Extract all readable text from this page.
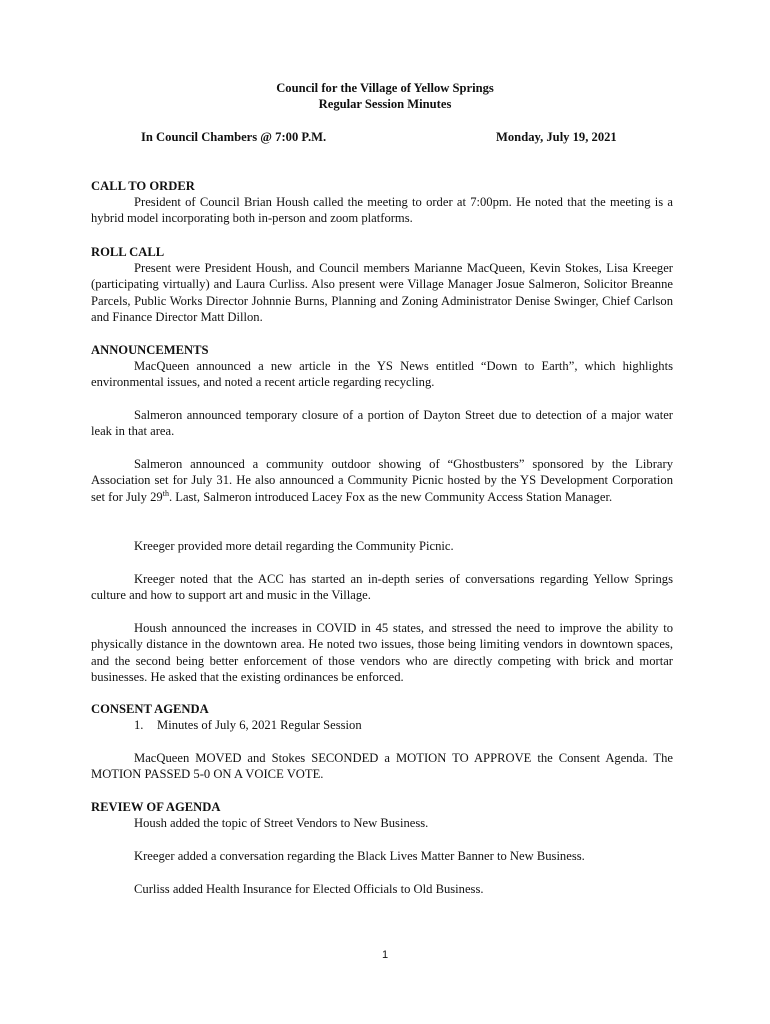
Council for the Village of Yellow Springs
Regular Session Minutes
In Council Chambers @ 7:00 P.M.	Monday, July 19, 2021
CALL TO ORDER
President of Council Brian Housh called the meeting to order at 7:00pm. He noted that the meeting is a hybrid model incorporating both in-person and zoom platforms.
ROLL CALL
Present were President Housh, and Council members Marianne MacQueen, Kevin Stokes, Lisa Kreeger (participating virtually) and Laura Curliss. Also present were Village Manager Josue Salmeron, Solicitor Breanne Parcels, Public Works Director Johnnie Burns, Planning and Zoning Administrator Denise Swinger, Chief Carlson and Finance Director Matt Dillon.
ANNOUNCEMENTS
MacQueen announced a new article in the YS News entitled “Down to Earth”, which highlights environmental issues, and noted a recent article regarding recycling.
Salmeron announced temporary closure of a portion of Dayton Street due to detection of a major water leak in that area.
Salmeron announced a community outdoor showing of “Ghostbusters” sponsored by the Library Association set for July 31. He also announced a Community Picnic hosted by the YS Development Corporation set for July 29th. Last, Salmeron introduced Lacey Fox as the new Community Access Station Manager.
Kreeger provided more detail regarding the Community Picnic.
Kreeger noted that the ACC has started an in-depth series of conversations regarding Yellow Springs culture and how to support art and music in the Village.
Housh announced the increases in COVID in 45 states, and stressed the need to improve the ability to physically distance in the downtown area. He noted two issues, those being limiting vendors in downtown spaces, and the second being better enforcement of those vendors who are directly competing with brick and mortar businesses. He asked that the existing ordinances be enforced.
CONSENT AGENDA
1. Minutes of July 6, 2021 Regular Session
MacQueen MOVED and Stokes SECONDED a MOTION TO APPROVE the Consent Agenda. The MOTION PASSED 5-0 ON A VOICE VOTE.
REVIEW OF AGENDA
Housh added the topic of Street Vendors to New Business.
Kreeger added a conversation regarding the Black Lives Matter Banner to New Business.
Curliss added Health Insurance for Elected Officials to Old Business.
1
